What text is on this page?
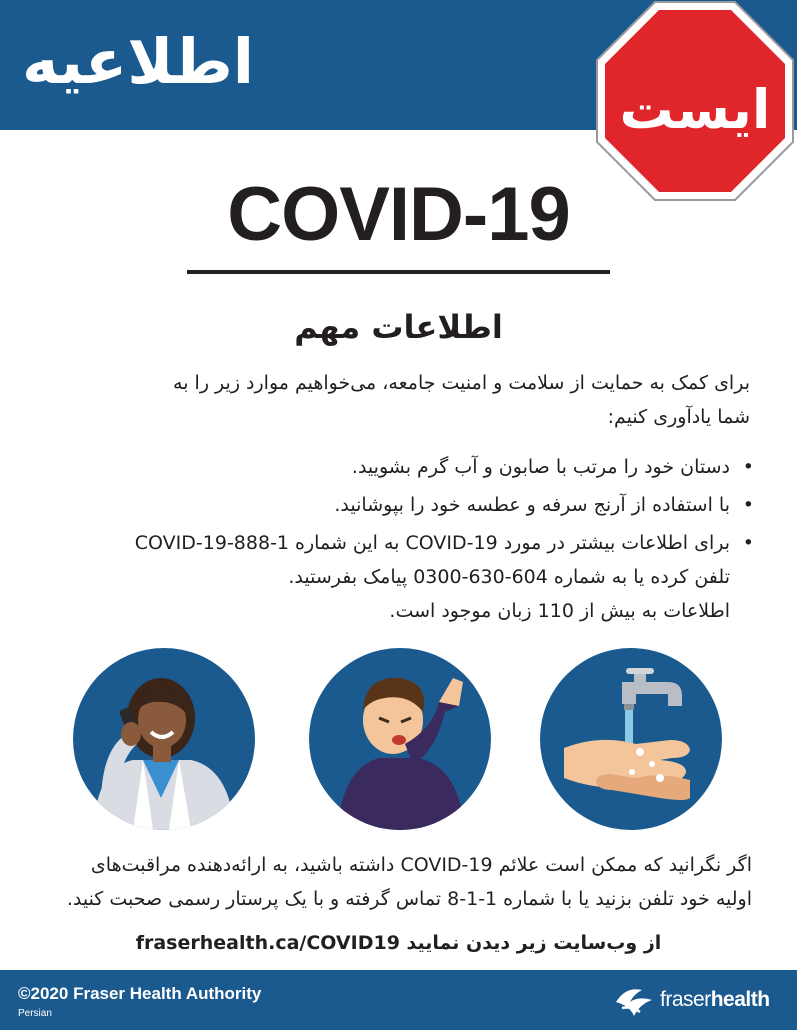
اطلاعیه
ایست
COVID-19
اطلاعات مهم
برای کمک به حمایت از سلامت و امنیت جامعه، می‌خواهیم موارد زیر را به
شما یادآوری کنیم:
•
دستان خود را مرتب با صابون و آب گرم بشویید.
•
با استفاده از آرنج سرفه و عطسه خود را بپوشانید.
•
برای اطلاعات بیشتر در مورد COVID-19 به این شماره 1-888-COVID-19
تلفن کرده یا به شماره 604-630-0300 پیامک بفرستید.
اطلاعات به بیش از 110 زبان موجود است.
اگر نگرانید که ممکن است علائم COVID-19 داشته باشید، به ارائه‌دهنده مراقبت‌های
اولیه خود تلفن بزنید یا با شماره 1-1-8 تماس گرفته و با یک پرستار رسمی صحبت کنید.
از وب‌سایت زیر دیدن نمایید fraserhealth.ca/COVID19
©2020 Fraser Health Authority
Persian
fraserhealth
